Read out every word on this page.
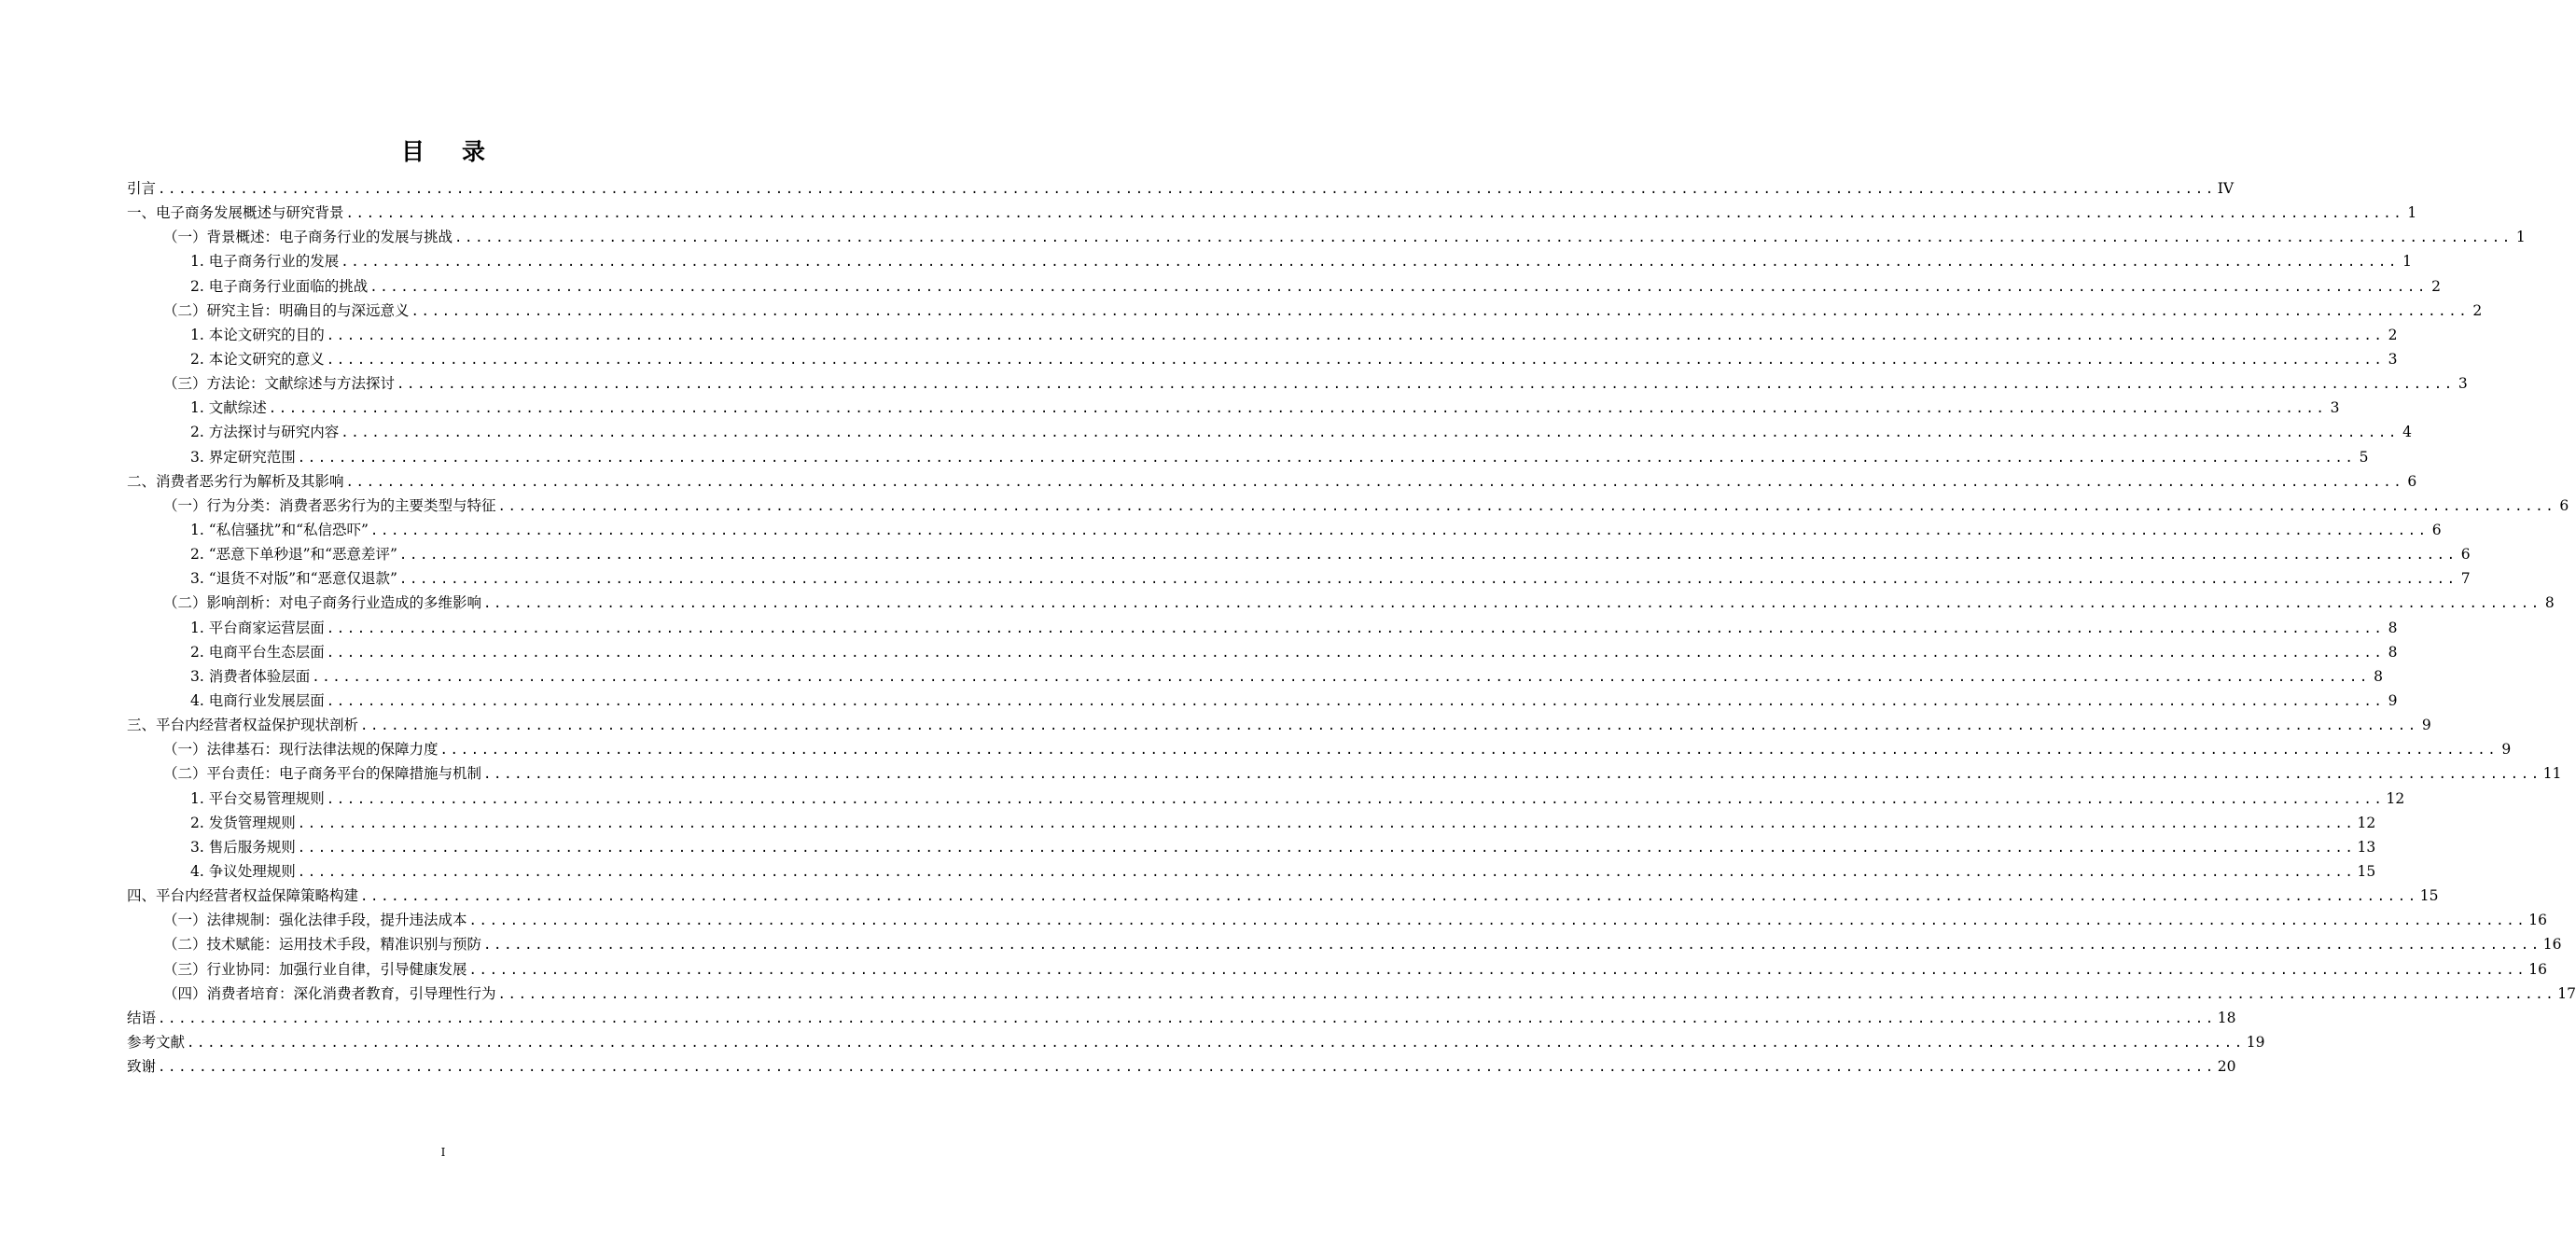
目 录
引言 ........................................................................................................................................................................................................ IV
一、电子商务发展概述与研究背景 ........................................................................................................................................................................................................ 1
（一）背景概述：电子商务行业的发展与挑战 ........................................................................................................................................................................................................ 1
1. 电子商务行业的发展 ........................................................................................................................................................................................................ 1
2. 电子商务行业面临的挑战 ........................................................................................................................................................................................................ 2
（二）研究主旨：明确目的与深远意义 ........................................................................................................................................................................................................ 2
1. 本论文研究的目的 ........................................................................................................................................................................................................ 2
2. 本论文研究的意义 ........................................................................................................................................................................................................ 3
（三）方法论：文献综述与方法探讨 ........................................................................................................................................................................................................ 3
1. 文献综述 ........................................................................................................................................................................................................ 3
2. 方法探讨与研究内容 ........................................................................................................................................................................................................ 4
3. 界定研究范围 ........................................................................................................................................................................................................ 5
二、消费者恶劣行为解析及其影响 ........................................................................................................................................................................................................ 6
（一）行为分类：消费者恶劣行为的主要类型与特征 ........................................................................................................................................................................................................ 6
1. “私信骚扰”和“私信恐吓” ........................................................................................................................................................................................................ 6
2. “恶意下单秒退”和“恶意差评” ........................................................................................................................................................................................................ 6
3. “退货不对版”和“恶意仅退款” ........................................................................................................................................................................................................ 7
（二）影响剖析：对电子商务行业造成的多维影响 ........................................................................................................................................................................................................ 8
1. 平台商家运营层面 ........................................................................................................................................................................................................ 8
2. 电商平台生态层面 ........................................................................................................................................................................................................ 8
3. 消费者体验层面 ........................................................................................................................................................................................................ 8
4. 电商行业发展层面 ........................................................................................................................................................................................................ 9
三、平台内经营者权益保护现状剖析 ........................................................................................................................................................................................................ 9
（一）法律基石：现行法律法规的保障力度 ........................................................................................................................................................................................................ 9
（二）平台责任：电子商务平台的保障措施与机制 ........................................................................................................................................................................................................ 11
1. 平台交易管理规则 ........................................................................................................................................................................................................ 12
2. 发货管理规则 ........................................................................................................................................................................................................ 12
3. 售后服务规则 ........................................................................................................................................................................................................ 13
4. 争议处理规则 ........................................................................................................................................................................................................ 15
四、平台内经营者权益保障策略构建 ........................................................................................................................................................................................................ 15
（一）法律规制：强化法律手段，提升违法成本 ........................................................................................................................................................................................................ 16
（二）技术赋能：运用技术手段，精准识别与预防 ........................................................................................................................................................................................................ 16
（三）行业协同：加强行业自律，引导健康发展 ........................................................................................................................................................................................................ 16
（四）消费者培育：深化消费者教育，引导理性行为 ........................................................................................................................................................................................................ 17
结语 ........................................................................................................................................................................................................ 18
参考文献 ........................................................................................................................................................................................................ 19
致谢 ........................................................................................................................................................................................................ 20
I
